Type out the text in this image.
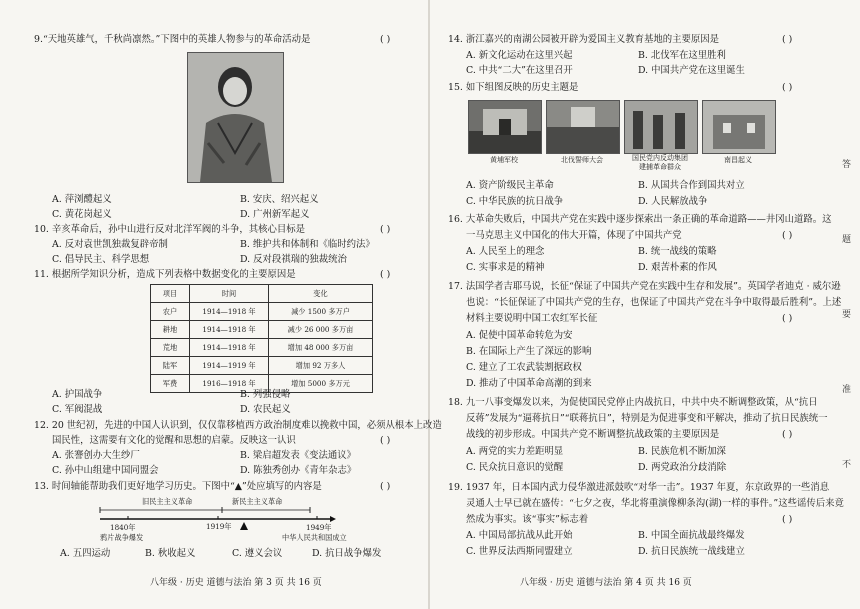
9.“天地英雄气，千秋尚凛然。”下图中的英雄人物参与的革命活动是	( )
A. 萍浏醴起义	B. 安庆、绍兴起义
C. 黄花岗起义	D. 广州新军起义
10. 辛亥革命后，孙中山进行反对北洋军阀的斗争，其核心目标是	( )
A. 反对袁世凯独裁复辟帝制	B. 维护共和体制和《临时约法》
C. 倡导民主、科学思想	D. 反对段祺瑞的独裁统治
11. 根据所学知识分析，造成下列表格中数据变化的主要原因是	( )
项目	时间	变化
农户	1914—1918 年	减少 1500 多万户
耕地	1914—1918 年	减少 26 000 多万亩
荒地	1914—1918 年	增加 48 000 多万亩
陆军	1914—1919 年	增加 92 万多人
军费	1916—1918 年	增加 5000 多万元
A. 护国战争	B. 列强侵略
C. 军阀混战	D. 农民起义
12. 20 世纪初，先进的中国人认识到，仅仅靠移植西方政治制度难以挽救中国，必须从根本上改造
国民性，这需要有文化的觉醒和思想的启蒙。反映这一认识	( )
A. 张謇创办大生纱厂	B. 梁启超发表《变法通议》
C. 孙中山组建中国同盟会	D. 陈独秀创办《青年杂志》
13. 时间轴能帮助我们更好地学习历史。下图中“▲”处应填写的内容是	( )
旧民主主义革命	新民主主义革命
1840年
鸦片战争爆发
1919年	1949年
中华人民共和国成立
A. 五四运动	B. 秋收起义	C. 遵义会议	D. 抗日战争爆发
八年级 · 历史 道德与法治 第 3 页 共 16 页
14. 浙江嘉兴的南湖公园被开辟为爱国主义教育基地的主要原因是	( )
A. 新文化运动在这里兴起	B. 北伐军在这里胜利
C. 中共“二大”在这里召开	D. 中国共产党在这里诞生
15. 如下组图反映的历史主题是	( )
黄埔军校	北伐誓师大会	国民党内反动集团
建捕革命群众
南昌起义
A. 资产阶级民主革命	B. 从国共合作到国共对立
C. 中华民族的抗日战争	D. 人民解放战争
16. 大革命失败后，中国共产党在实践中逐步探索出一条正确的革命道路——井冈山道路。这
一马克思主义中国化的伟大开篇，体现了中国共产党	( )
A. 人民至上的理念	B. 统一战线的策略
C. 实事求是的精神	D. 艰苦朴素的作风
17. 法国学者吉耶马说，长征“保证了中国共产党在实践中生存和发展”。英国学者迪克 · 威尔逊
也说：“长征保证了中国共产党的生存，也保证了中国共产党在斗争中取得最后胜利”。上述
材料主要说明中国工农红军长征	( )
A. 促使中国革命转危为安
B. 在国际上产生了深远的影响
C. 建立了工农武装割据政权
D. 推动了中国革命高潮的到来
18. 九一八事变爆发以来，为促使国民党停止内战抗日，中共中央不断调整政策，从“抗日
反蒋”发展为“逼蒋抗日”“联蒋抗日”，特别是为促进事变和平解决，推动了抗日民族统一
战线的初步形成。中国共产党不断调整抗战政策的主要原因是	( )
A. 两党的实力差距明显	B. 民族危机不断加深
C. 民众抗日意识的觉醒	D. 两党政治分歧消除
19. 1937 年，日本国内武力侵华激进派鼓吹“对华一击”。1937 年夏，东京政界的一些消息
灵通人士早已就在盛传：“七夕之夜，华北将重演像柳条沟(湖)一样的事件。”这些谣传后来竟
然成为事实。该“事实”标志着	( )
A. 中国局部抗战从此开始	B. 中国全面抗战最终爆发
C. 世界反法西斯同盟建立	D. 抗日民族统一战线建立
八年级 · 历史 道德与法治 第 4 页 共 16 页
答
题
要
准
不
